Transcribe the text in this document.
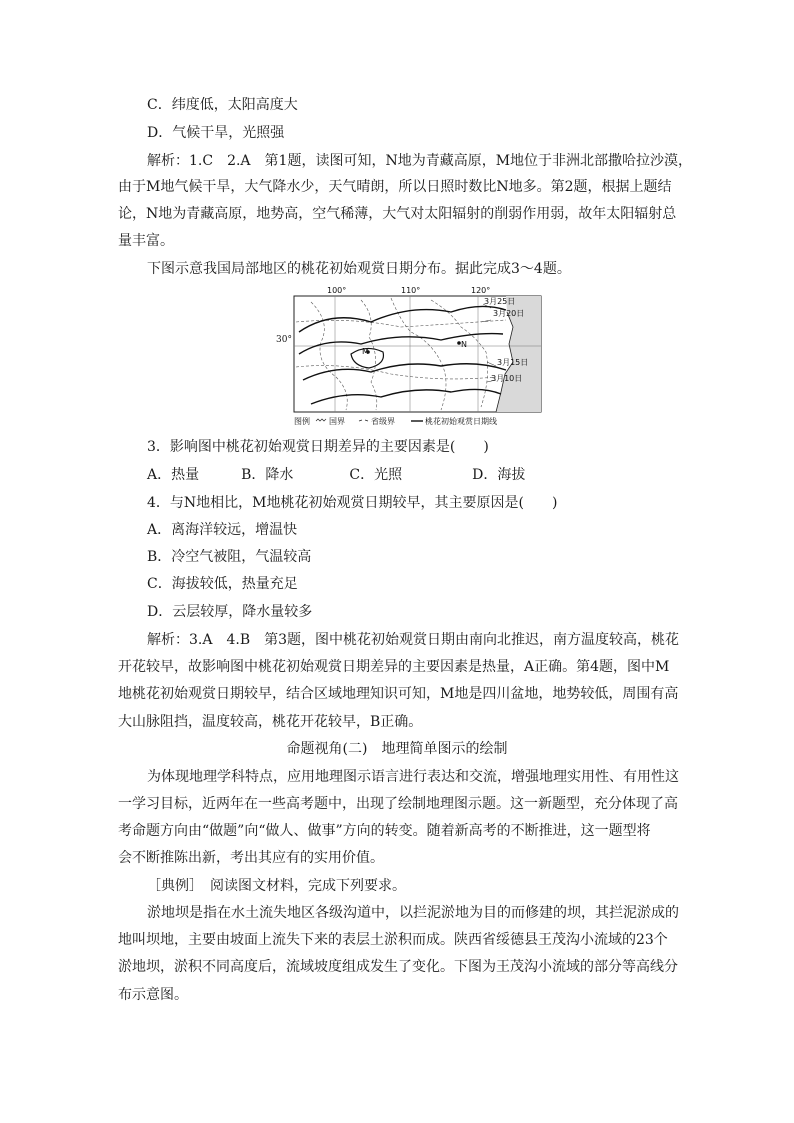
C．纬度低，太阳高度大
D．气候干旱，光照强
解析：1.C　2.A　第1题，读图可知，N地为青藏高原，M地位于非洲北部撒哈拉沙漠，
由于M地气候干旱，大气降水少，天气晴朗，所以日照时数比N地多。第2题，根据上题结
论，N地为青藏高原，地势高，空气稀薄，大气对太阳辐射的削弱作用弱，故年太阳辐射总
量丰富。
下图示意我国局部地区的桃花初始观赏日期分布。据此完成3～4题。
M
N
100°	110°	120°
3月25日
3月20日
3月15日
3月10日
图例 国界	省级界	桃花初始观赏日期线
30°
3．影响图中桃花初始观赏日期差异的主要因素是(　　)
A．热量　　　B．降水　　　　C．光照　　　　　D．海拔
4．与N地相比，M地桃花初始观赏日期较早，其主要原因是(　　)
A．离海洋较远，增温快
B．冷空气被阻，气温较高
C．海拔较低，热量充足
D．云层较厚，降水量较多
解析：3.A　4.B　第3题，图中桃花初始观赏日期由南向北推迟，南方温度较高，桃花
开花较早，故影响图中桃花初始观赏日期差异的主要因素是热量，A正确。第4题，图中M
地桃花初始观赏日期较早，结合区域地理知识可知，M地是四川盆地，地势较低，周围有高
大山脉阻挡，温度较高，桃花开花较早，B正确。
命题视角(二)　地理简单图示的绘制
为体现地理学科特点，应用地理图示语言进行表达和交流，增强地理实用性、有用性这
一学习目标，近两年在一些高考题中，出现了绘制地理图示题。这一新题型，充分体现了高
考命题方向由“做题”向“做人、做事”方向的转变。随着新高考的不断推进，这一题型将
会不断推陈出新，考出其应有的实用价值。
［典例］　阅读图文材料，完成下列要求。
淤地坝是指在水土流失地区各级沟道中，以拦泥淤地为目的而修建的坝，其拦泥淤成的
地叫坝地，主要由坡面上流失下来的表层土淤积而成。陕西省绥德县王茂沟小流域的23个
淤地坝，淤积不同高度后，流域坡度组成发生了变化。下图为王茂沟小流域的部分等高线分
布示意图。
